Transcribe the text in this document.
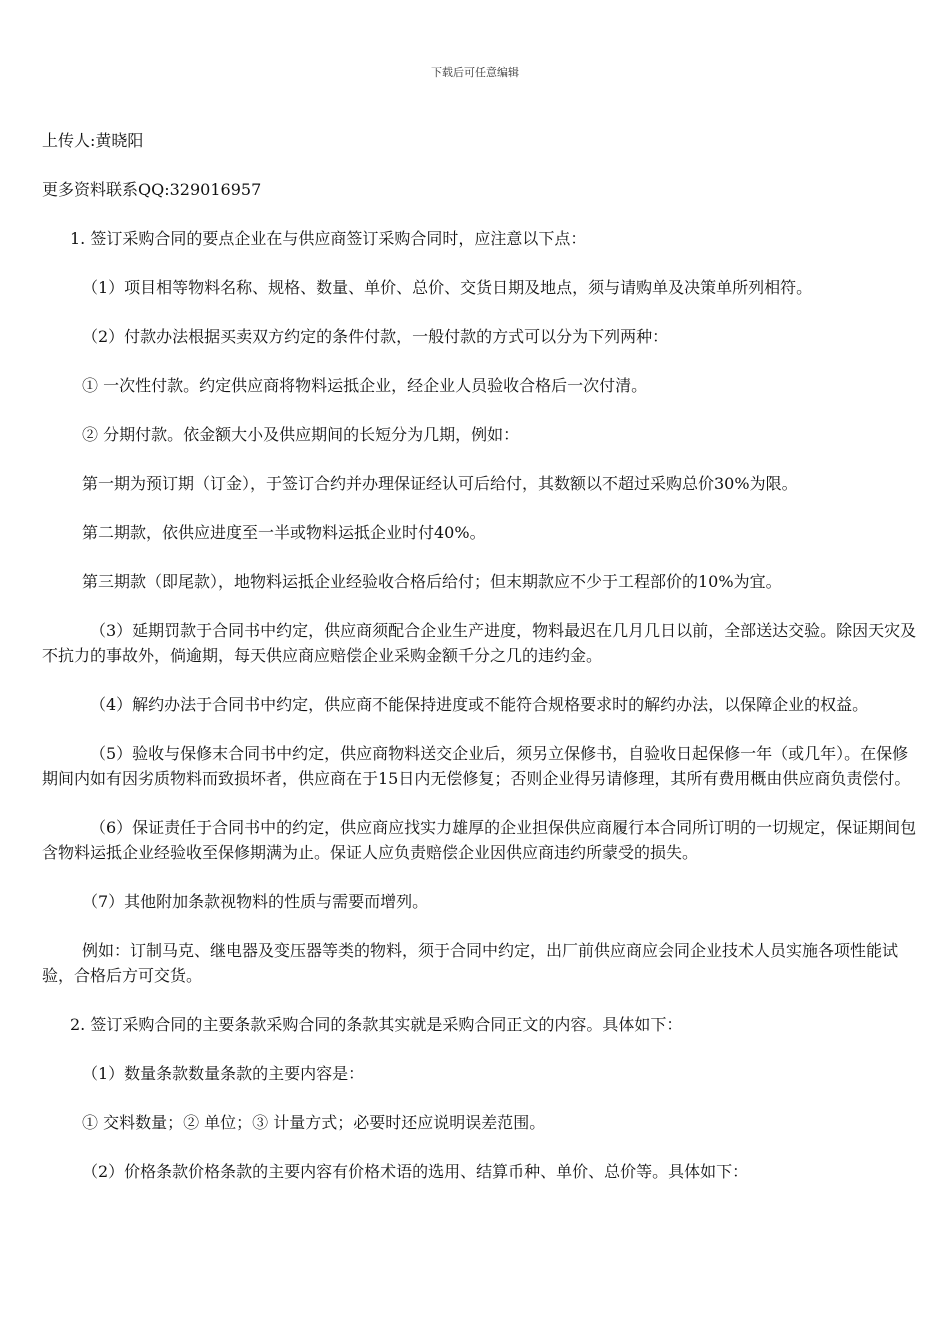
下载后可任意编辑

上传人:黄晓阳

更多资料联系QQ:329016957

1. 签订采购合同的要点企业在与供应商签订采购合同时，应注意以下点：

（1）项目相等物料名称、规格、数量、单价、总价、交货日期及地点，须与请购单及决策单所列相符。

（2）付款办法根据买卖双方约定的条件付款，一般付款的方式可以分为下列两种：

① 一次性付款。约定供应商将物料运抵企业，经企业人员验收合格后一次付清。

② 分期付款。依金额大小及供应期间的长短分为几期，例如：

第一期为预订期（订金），于签订合约并办理保证经认可后给付，其数额以不超过采购总价30%为限。

第二期款，依供应进度至一半或物料运抵企业时付40%。

第三期款（即尾款），地物料运抵企业经验收合格后给付；但末期款应不少于工程部价的10%为宜。

（3）延期罚款于合同书中约定，供应商须配合企业生产进度，物料最迟在几月几日以前，全部送达交验。除因天灾及不抗力的事故外，倘逾期，每天供应商应赔偿企业采购金额千分之几的违约金。

（4）解约办法于合同书中约定，供应商不能保持进度或不能符合规格要求时的解约办法，以保障企业的权益。

（5）验收与保修末合同书中约定，供应商物料送交企业后，须另立保修书，自验收日起保修一年（或几年）。在保修期间内如有因劣质物料而致损坏者，供应商在于15日内无偿修复；否则企业得另请修理，其所有费用概由供应商负责偿付。

（6）保证责任于合同书中的约定，供应商应找实力雄厚的企业担保供应商履行本合同所订明的一切规定，保证期间包含物料运抵企业经验收至保修期满为止。保证人应负责赔偿企业因供应商违约所蒙受的损失。

（7）其他附加条款视物料的性质与需要而增列。

例如：订制马克、继电器及变压器等类的物料，须于合同中约定，出厂前供应商应会同企业技术人员实施各项性能试验，合格后方可交货。

2. 签订采购合同的主要条款采购合同的条款其实就是采购合同正文的内容。具体如下：

（1）数量条款数量条款的主要内容是：

① 交料数量；② 单位；③ 计量方式；必要时还应说明误差范围。

（2）价格条款价格条款的主要内容有价格术语的选用、结算币种、单价、总价等。具体如下：
